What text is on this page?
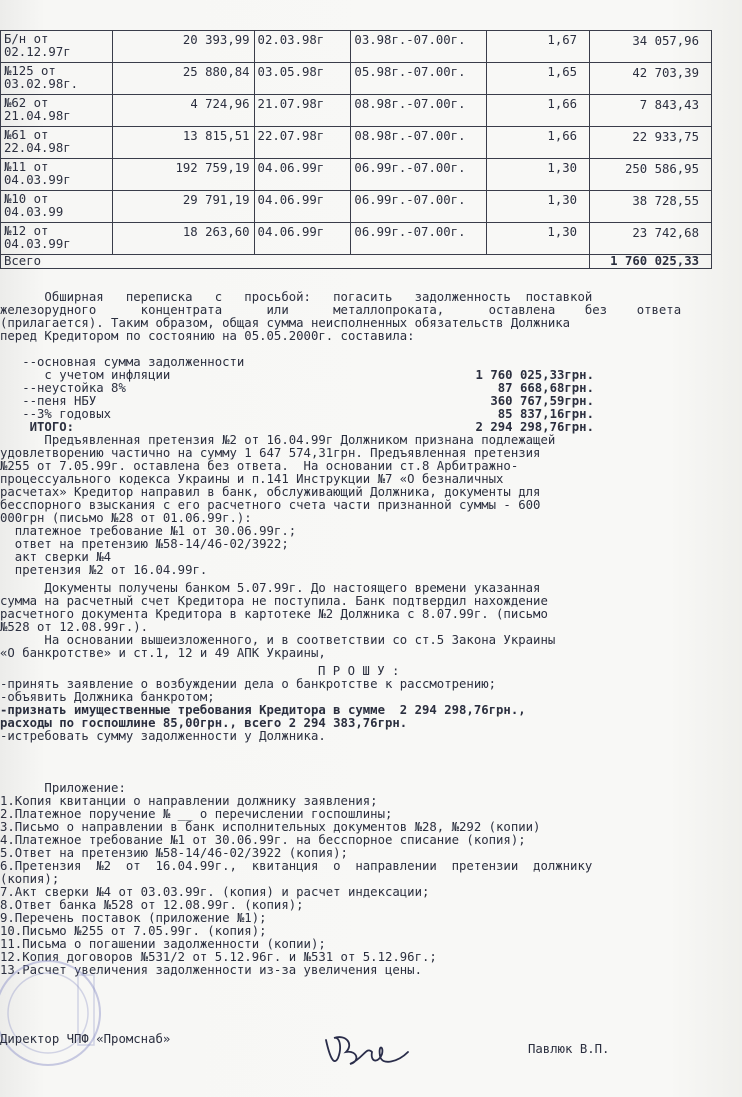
Б/н от
02.12.97г	20 393,99	02.03.98г	03.98г.-07.00г.	1,67	34 057,96

№125 от
03.02.98г.	25 880,84	03.05.98г	05.98г.-07.00г.	1,65	42 703,39

№62 от
21.04.98г	4 724,96	21.07.98г	08.98г.-07.00г.	1,66	7 843,43

№61 от
22.04.98г	13 815,51	22.07.98г	08.98г.-07.00г.	1,66	22 933,75

№11 от
04.03.99г	192 759,19	04.06.99г	06.99г.-07.00г.	1,30	250 586,95

№10 от
04.03.99	29 791,19	04.06.99г	06.99г.-07.00г.	1,30	38 728,55

№12 от
04.03.99г	18 263,60	04.06.99г	06.99г.-07.00г.	1,30	23 742,68
Всего					1 760 025,33
Обширная   переписка   с   просьбой:   погасить   задолженность  поставкой
железорудного      концентрата      или      металлопроката,      оставлена    без    ответа
(прилагается). Таким образом, общая сумма неисполненных обязательств Должника
перед Кредитором по состоянию на 05.05.2000г. составила:
--основная сумма задолженности
с учетом инфляции	1 760 025,33грн.
--неустойка 8%	87 668,68грн.
--пеня НБУ	360 767,59грн.
--3% годовых	85 837,16грн.
ИТОГО:	2 294 298,76грн.
Предъявленная претензия №2 от 16.04.99г Должником признана подлежащей
удовлетворению частично на сумму 1 647 574,31грн. Предъявленная претензия
№255 от 7.05.99г. оставлена без ответа.  На основании ст.8 Арбитражно-
процессуального кодекса Украины и п.141 Инструкции №7 «О безналичных
расчетах» Кредитор направил в банк, обслуживающий Должника, документы для
бесспорного взыскания с его расчетного счета части признанной суммы - 600
000грн (письмо №28 от 01.06.99г.):
платежное требование №1 от 30.06.99г.;
ответ на претензию №58-14/46-02/3922;
акт сверки №4
претензия №2 от 16.04.99г.
Документы получены банком 5.07.99г. До настоящего времени указанная
сумма на расчетный счет Кредитора не поступила. Банк подтвердил нахождение
расчетного документа Кредитора в картотеке №2 Должника с 8.07.99г. (письмо
№528 от 12.08.99г.).
На основании вышеизложенного, и в соответствии со ст.5 Закона Украины
«О банкротстве» и ст.1, 12 и 49 АПК Украины,
П Р О Ш У :
-принять заявление о возбуждении дела о банкротстве к рассмотрению;
-объявить Должника банкротом;
-признать имущественные требования Кредитора в сумме  2 294 298,76грн.,
расходы по госпошлине 85,00грн., всего 2 294 383,76грн.
-истребовать сумму задолженности у Должника.
Приложение:
1.Копия квитанции о направлении должнику заявления;
2.Платежное поручение № __ о перечислении госпошлины;
3.Письмо о направлении в банк исполнительных документов №28, №292 (копии)
4.Платежное требование №1 от 30.06.99г. на бесспорное списание (копия);
5.Ответ на претензию №58-14/46-02/3922 (копия);
6.Претензия  №2  от  16.04.99г.,  квитанция  о  направлении  претензии  должнику
(копия);
7.Акт сверки №4 от 03.03.99г. (копия) и расчет индексации;
8.Ответ банка №528 от 12.08.99г. (копия);
9.Перечень поставок (приложение №1);
10.Письмо №255 от 7.05.99г. (копия);
11.Письма о погашении задолженности (копии);
12.Копия договоров №531/2 от 5.12.96г. и №531 от 5.12.96г.;
13.Расчет увеличения задолженности из-за увеличения цены.
Директор ЧПФ «Промснаб»
Павлюк В.П.
